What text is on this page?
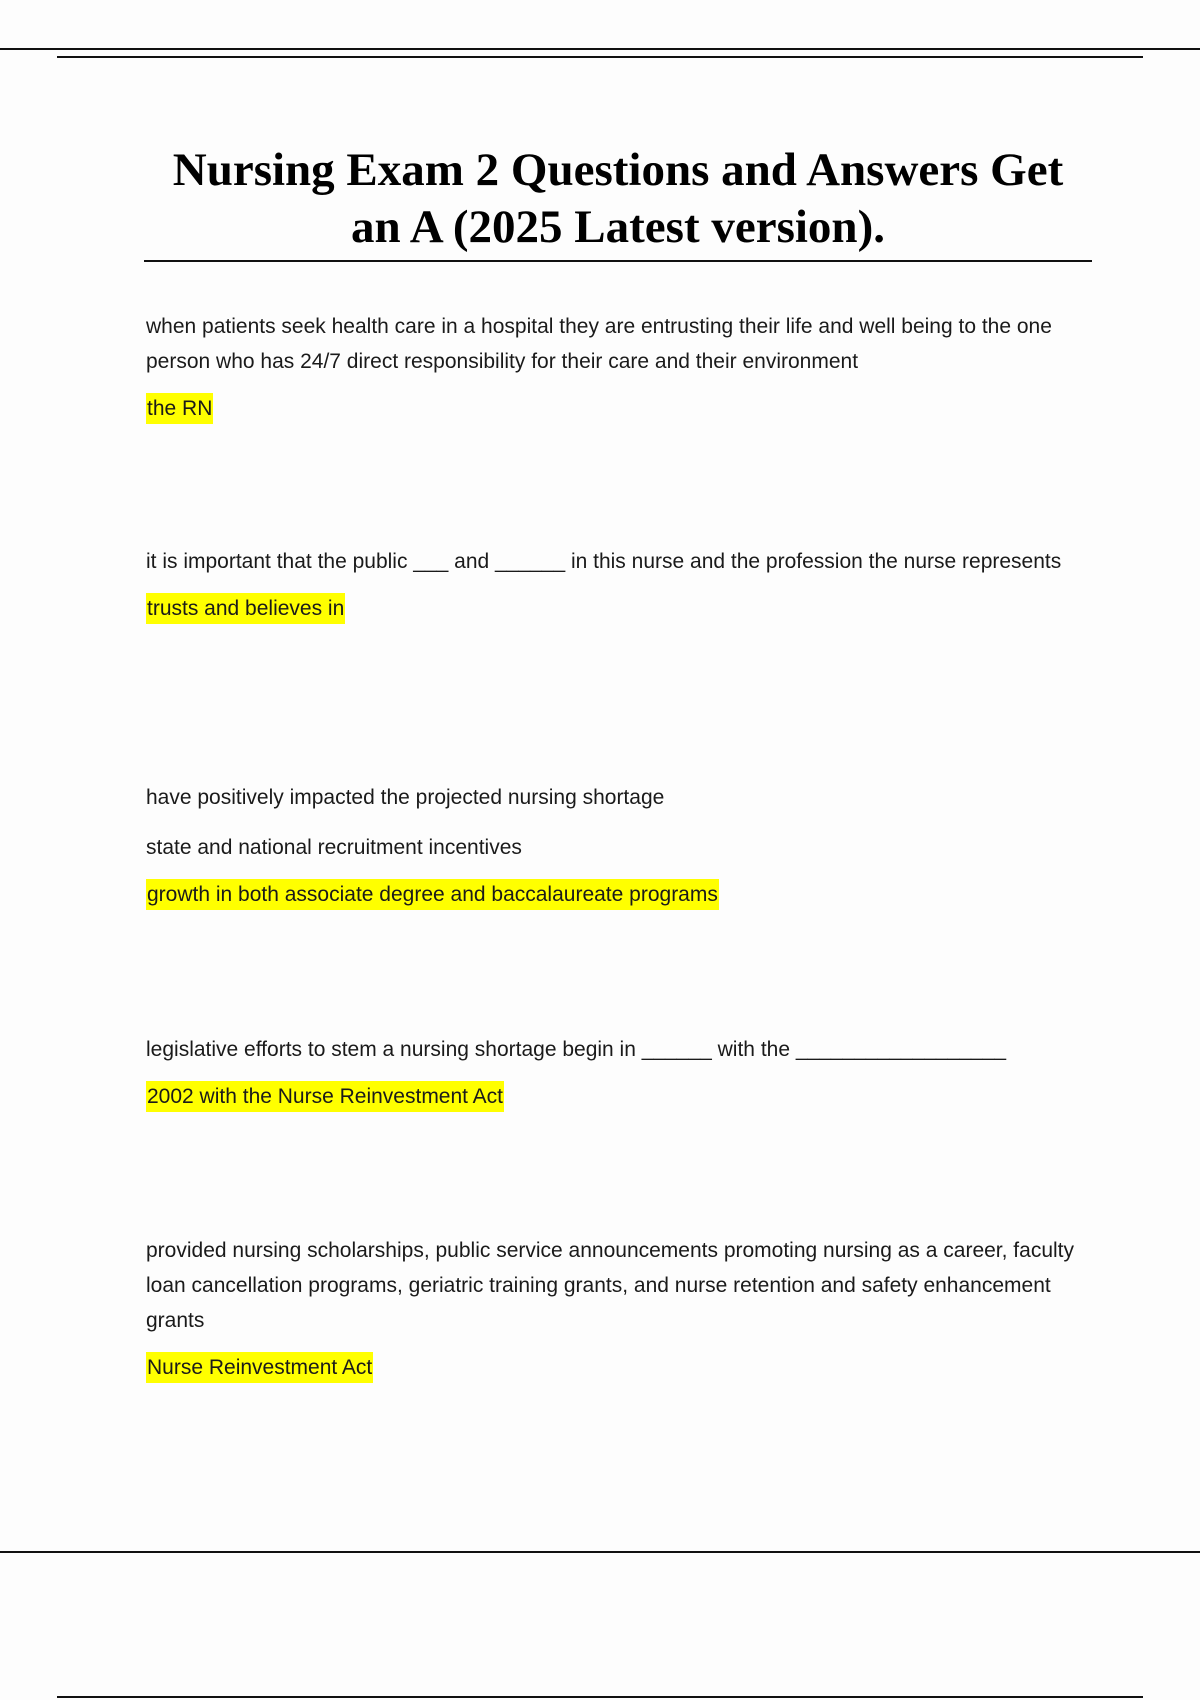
Nursing Exam 2 Questions and Answers Get an A (2025 Latest version).

when patients seek health care in a hospital they are entrusting their life and well being to the one person who has 24/7 direct responsibility for their care and their environment

the RN

it is important that the public ___ and ______ in this nurse and the profession the nurse represents

trusts and believes in

have positively impacted the projected nursing shortage

state and national recruitment incentives

growth in both associate degree and baccalaureate programs

legislative efforts to stem a nursing shortage begin in ______ with the __________________

2002 with the Nurse Reinvestment Act

provided nursing scholarships, public service announcements promoting nursing as a career, faculty loan cancellation programs, geriatric training grants, and nurse retention and safety enhancement grants

Nurse Reinvestment Act
